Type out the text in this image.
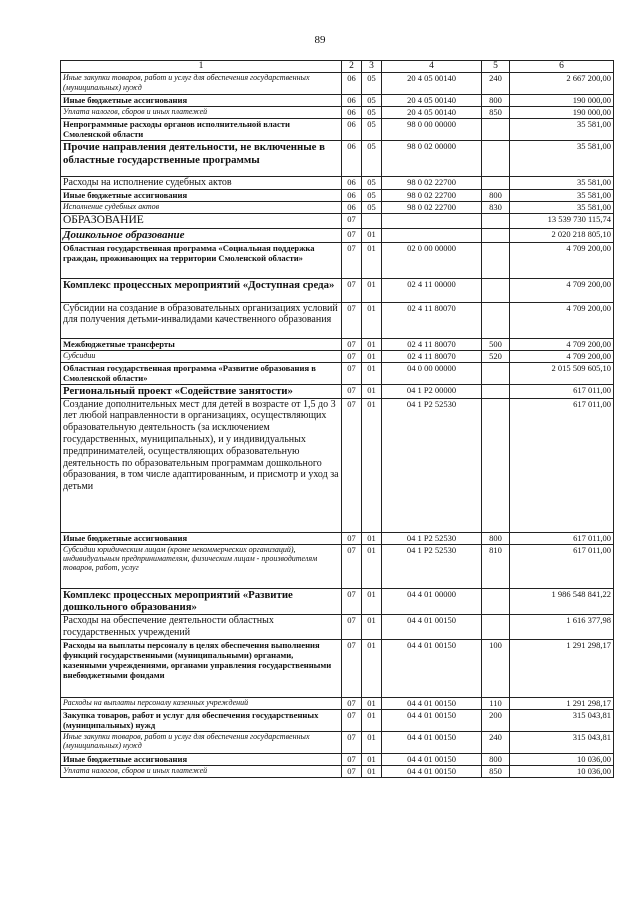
89
1	2	3	4	5	6
Иные закупки товаров, работ и услуг для обеспечения государственных (муниципальных) нужд	06	05	20 4 05 00140	240	2 667 200,00
Иные бюджетные ассигнования	06	05	20 4 05 00140	800	190 000,00
Уплата налогов, сборов и иных платежей	06	05	20 4 05 00140	850	190 000,00
Непрограммные расходы органов исполнительной власти Смоленской области	06	05	98 0 00 00000		35 581,00
Прочие направления деятельности, не включенные в областные государственные программы	06	05	98 0 02 00000		35 581,00
Расходы на исполнение судебных актов	06	05	98 0 02 22700		35 581,00
Иные бюджетные ассигнования	06	05	98 0 02 22700	800	35 581,00
Исполнение судебных актов	06	05	98 0 02 22700	830	35 581,00
ОБРАЗОВАНИЕ	07				13 539 730 115,74
Дошкольное образование	07	01			2 020 218 805,10
Областная государственная программа «Социальная поддержка граждан, проживающих на территории Смоленской области»	07	01	02 0 00 00000		4 709 200,00
Комплекс процессных мероприятий «Доступная среда»	07	01	02 4 11 00000		4 709 200,00
Субсидии на создание в образовательных организациях условий для получения детьми-инвалидами качественного образования	07	01	02 4 11 80070		4 709 200,00
Межбюджетные трансферты	07	01	02 4 11 80070	500	4 709 200,00
Субсидии	07	01	02 4 11 80070	520	4 709 200,00
Областная государственная программа «Развитие образования в Смоленской области»	07	01	04 0 00 00000		2 015 509 605,10
Региональный проект «Содействие занятости»	07	01	04 1 P2 00000		617 011,00
Создание дополнительных мест для детей в возрасте от 1,5 до 3 лет любой направленности в организациях, осуществляющих образовательную деятельность (за исключением государственных, муниципальных), и у индивидуальных предпринимателей, осуществляющих образовательную деятельность по образовательным программам дошкольного образования, в том числе адаптированным, и присмотр и уход за детьми	07	01	04 1 P2 52530		617 011,00
Иные бюджетные ассигнования	07	01	04 1 P2 52530	800	617 011,00
Субсидии юридическим лицам (кроме некоммерческих организаций), индивидуальным предпринимателям, физическим лицам - производителям товаров, работ, услуг	07	01	04 1 P2 52530	810	617 011,00
Комплекс процессных мероприятий «Развитие дошкольного образования»	07	01	04 4 01 00000		1 986 548 841,22
Расходы на обеспечение деятельности областных государственных учреждений	07	01	04 4 01 00150		1 616 377,98
Расходы на выплаты персоналу в целях обеспечения выполнения функций государственными (муниципальными) органами, казенными учреждениями, органами управления государственными внебюджетными фондами	07	01	04 4 01 00150	100	1 291 298,17
Расходы на выплаты персоналу казенных учреждений	07	01	04 4 01 00150	110	1 291 298,17
Закупка товаров, работ и услуг для обеспечения государственных (муниципальных) нужд	07	01	04 4 01 00150	200	315 043,81
Иные закупки товаров, работ и услуг для обеспечения государственных (муниципальных) нужд	07	01	04 4 01 00150	240	315 043,81
Иные бюджетные ассигнования	07	01	04 4 01 00150	800	10 036,00
Уплата налогов, сборов и иных платежей	07	01	04 4 01 00150	850	10 036,00
